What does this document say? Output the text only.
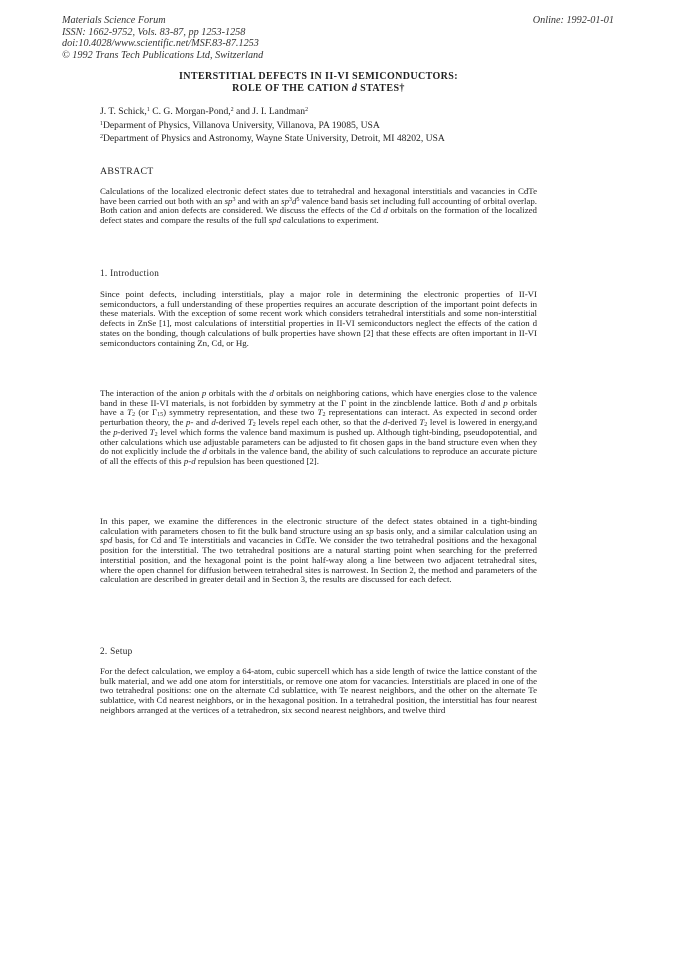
Materials Science Forum
ISSN: 1662-9752, Vols. 83-87, pp 1253-1258
doi:10.4028/www.scientific.net/MSF.83-87.1253
© 1992 Trans Tech Publications Ltd, Switzerland
Online: 1992-01-01
INTERSTITIAL DEFECTS IN II-VI SEMICONDUCTORS:
ROLE OF THE CATION d STATES†
J. T. Schick,$^1$ C. G. Morgan-Pond,$^2$ and J. I. Landman$^2$
$^1$Deparment of Physics, Villanova University, Villanova, PA 19085, USA
$^2$Department of Physics and Astronomy, Wayne State University, Detroit, MI 48202, USA
ABSTRACT
Calculations of the localized electronic defect states due to tetrahedral and hexagonal interstitials and vacancies in CdTe have been carried out both with an $sp^3$ and with an $sp^3d^5$ valence band basis set including full accounting of orbital overlap. Both cation and anion defects are considered. We discuss the effects of the Cd d orbitals on the formation of the localized defect states and compare the results of the full spd calculations to experiment.
1. Introduction
Since point defects, including interstitials, play a major role in determining the electronic properties of II-VI semiconductors, a full understanding of these properties requires an accurate description of the important point defects in these materials. With the exception of some recent work which considers tetrahedral interstitials and some non-interstitial defects in ZnSe [1], most calculations of interstitial properties in II-VI semiconductors neglect the effects of the cation d states on the bonding, though calculations of bulk properties have shown [2] that these effects are often important in II-VI semiconductors containing Zn, Cd, or Hg.
The interaction of the anion p orbitals with the d orbitals on neighboring cations, which have energies close to the valence band in these II-VI materials, is not forbidden by symmetry at the Γ point in the zincblende lattice. Both d and p orbitals have a $T_2$ (or $\Gamma_{15}$) symmetry representation, and these two $T_2$ representations can interact. As expected in second order perturbation theory, the p- and d-derived $T_2$ levels repel each other, so that the d-derived $T_2$ level is lowered in energy,and the p-derived $T_2$ level which forms the valence band maximum is pushed up. Although tight-binding, pseudopotential, and other calculations which use adjustable parameters can be adjusted to fit chosen gaps in the band structure even when they do not explicitly include the d orbitals in the valence band, the ability of such calculations to reproduce an accurate picture of all the effects of this p-d repulsion has been questioned [2].
In this paper, we examine the differences in the electronic structure of the defect states obtained in a tight-binding calculation with parameters chosen to fit the bulk band structure using an sp basis only, and a similar calculation using an spd basis, for Cd and Te interstitials and vacancies in CdTe. We consider the two tetrahedral positions and the hexagonal position for the interstitial. The two tetrahedral positions are a natural starting point when searching for the preferred interstitial position, and the hexagonal point is the point half-way along a line between two adjacent tetrahedral sites, where the open channel for diffusion between tetrahedral sites is narrowest. In Section 2, the method and parameters of the calculation are described in greater detail and in Section 3, the results are discussed for each defect.
2. Setup
For the defect calculation, we employ a 64-atom, cubic supercell which has a side length of twice the lattice constant of the bulk material, and we add one atom for interstitials, or remove one atom for vacancies. Interstitials are placed in one of the two tetrahedral positions: one on the alternate Cd sublattice, with Te nearest neighbors, and the other on the alternate Te sublattice, with Cd nearest neighbors, or in the hexagonal position. In a tetrahedral position, the interstitial has four nearest neighbors arranged at the vertices of a tetrahedron, six second nearest neighbors, and twelve third
